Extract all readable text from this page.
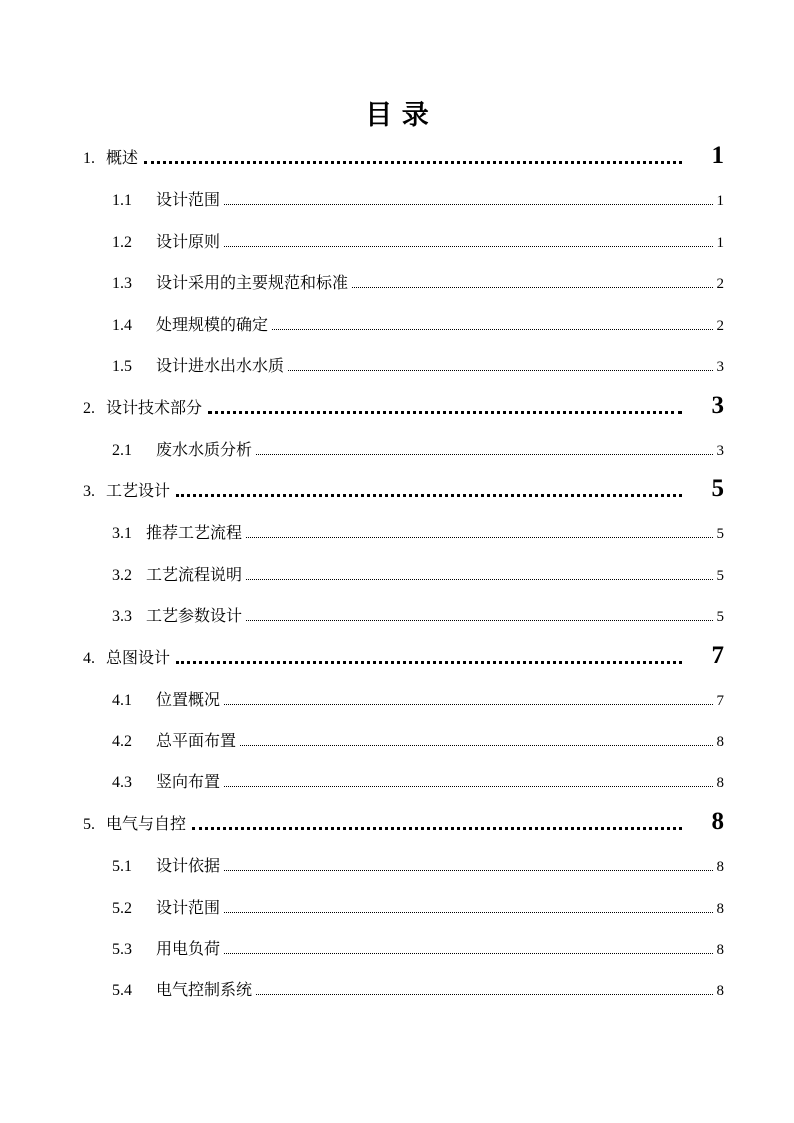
目 录
1. 概述	1
1.1	设计范围	1
1.2	设计原则	1
1.3	设计采用的主要规范和标准	2
1.4	处理规模的确定	2
1.5	设计进水出水水质	3
2. 设计技术部分	3
2.1	废水水质分析	3
3. 工艺设计	5
3.1 推荐工艺流程	5
3.2 工艺流程说明	5
3.3 工艺参数设计	5
4. 总图设计	7
4.1	位置概况	7
4.2	总平面布置	8
4.3	竖向布置	8
5. 电气与自控	8
5.1	设计依据	8
5.2	设计范围	8
5.3	用电负荷	8
5.4	电气控制系统	8
